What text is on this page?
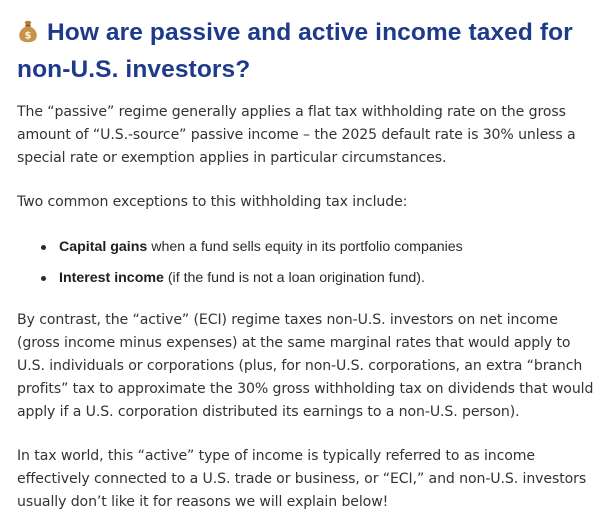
$ How are passive and active income taxed for non-U.S. investors?

The “passive” regime generally applies a flat tax withholding rate on the gross amount of “U.S.-source” passive income – the 2025 default rate is 30% unless a special rate or exemption applies in particular circumstances.

Two common exceptions to this withholding tax include:

Capital gains when a fund sells equity in its portfolio companies
Interest income (if the fund is not a loan origination fund).

By contrast, the “active” (ECI) regime taxes non-U.S. investors on net income (gross income minus expenses) at the same marginal rates that would apply to U.S. individuals or corporations (plus, for non-U.S. corporations, an extra “branch profits” tax to approximate the 30% gross withholding tax on dividends that would apply if a U.S. corporation distributed its earnings to a non-U.S. person).

In tax world, this “active” type of income is typically referred to as income effectively connected to a U.S. trade or business, or “ECI,” and non-U.S. investors usually don’t like it for reasons we will explain below!
